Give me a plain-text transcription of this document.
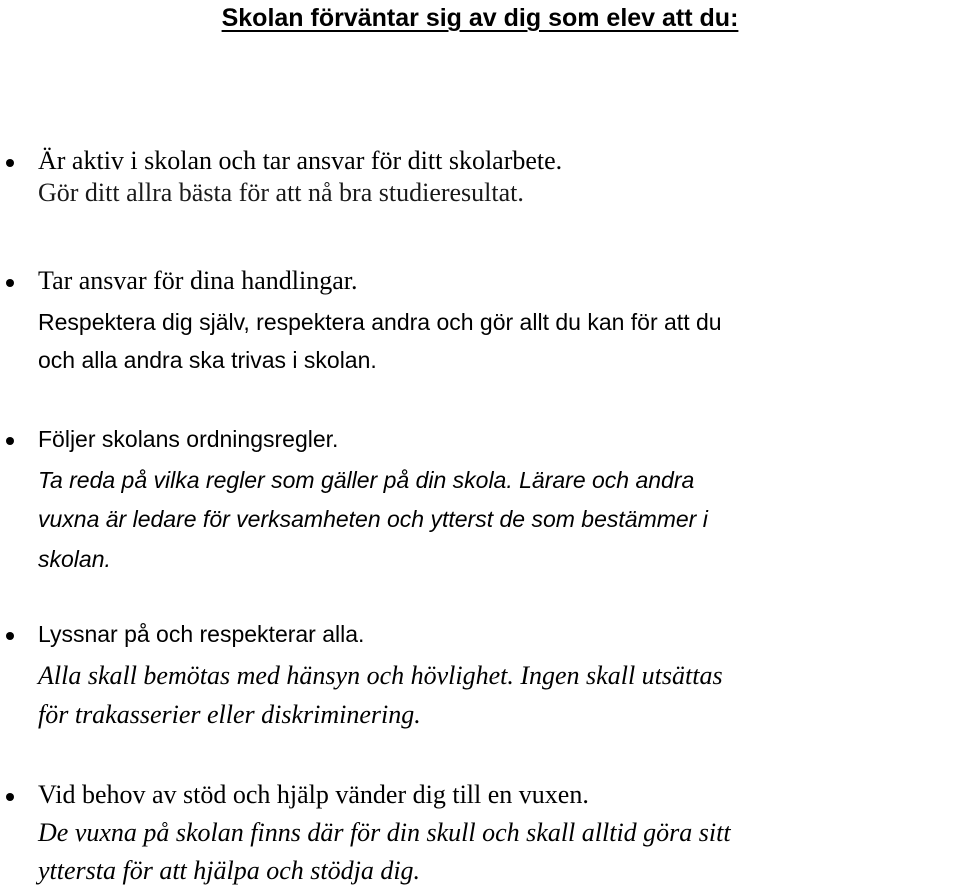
Skolan förväntar sig av dig som elev att du:
Är aktiv i skolan och tar ansvar för ditt skolarbete.
Gör ditt allra bästa för att nå bra studieresultat.
Tar ansvar för dina handlingar.
Respektera dig själv, respektera andra och gör allt du kan för att du
och alla andra ska trivas i skolan.
Följer skolans ordningsregler.
Ta reda på vilka regler som gäller på din skola. Lärare och andra
vuxna är ledare för verksamheten och ytterst de som bestämmer i
skolan.
Lyssnar på och respekterar alla.
Alla skall bemötas med hänsyn och hövlighet. Ingen skall utsättas
för trakasserier eller diskriminering.
Vid behov av stöd och hjälp vänder dig till en vuxen.
De vuxna på skolan finns där för din skull och skall alltid göra sitt
yttersta för att hjälpa och stödja dig.
